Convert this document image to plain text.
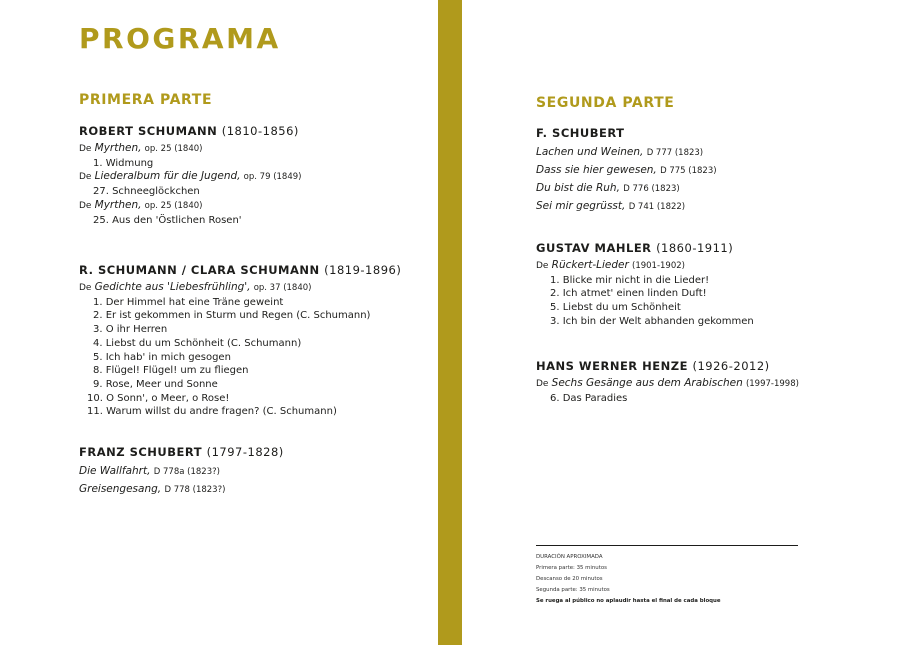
PROGRAMA
PRIMERA PARTE
ROBERT SCHUMANN (1810-1856)
De Myrthen, op. 25 (1840)
1. Widmung
De Liederalbum für die Jugend, op. 79 (1849)
27. Schneeglöckchen
De Myrthen, op. 25 (1840)
25. Aus den 'Östlichen Rosen'
R. SCHUMANN / CLARA SCHUMANN (1819-1896)
De Gedichte aus 'Liebesfrühling', op. 37 (1840)
1. Der Himmel hat eine Träne geweint
2. Er ist gekommen in Sturm und Regen (C. Schumann)
3. O ihr Herren
4. Liebst du um Schönheit (C. Schumann)
5. Ich hab' in mich gesogen
8. Flügel! Flügel! um zu fliegen
9. Rose, Meer und Sonne
10. O Sonn', o Meer, o Rose!
11. Warum willst du andre fragen? (C. Schumann)
FRANZ SCHUBERT (1797-1828)
Die Wallfahrt, D 778a (1823?)
Greisengesang, D 778 (1823?)
SEGUNDA PARTE
F. SCHUBERT
Lachen und Weinen, D 777 (1823)
Dass sie hier gewesen, D 775 (1823)
Du bist die Ruh, D 776 (1823)
Sei mir gegrüsst, D 741 (1822)
GUSTAV MAHLER (1860-1911)
De Rückert-Lieder (1901-1902)
1. Blicke mir nicht in die Lieder!
2. Ich atmet' einen linden Duft!
5. Liebst du um Schönheit
3. Ich bin der Welt abhanden gekommen
HANS WERNER HENZE (1926-2012)
De Sechs Gesänge aus dem Arabischen (1997-1998)
6. Das Paradies
DURACIÓN APROXIMADA
Primera parte: 35 minutos
Descanso de 20 minutos
Segunda parte: 35 minutos
Se ruega al público no aplaudir hasta el final de cada bloque
